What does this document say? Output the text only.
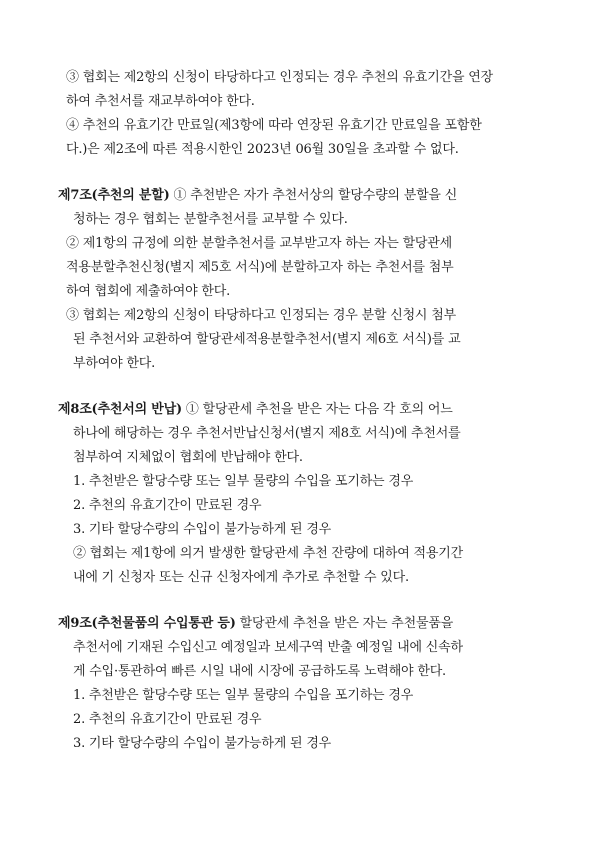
③ 협회는 제2항의 신청이 타당하다고 인정되는 경우 추천의 유효기간을 연장
하여 추천서를 재교부하여야 한다.
④ 추천의 유효기간 만료일(제3항에 따라 연장된 유효기간 만료일을 포함한
다.)은 제2조에 따른 적용시한인 2023년 06월 30일을 초과할 수 없다.
제7조(추천의 분할) ① 추천받은 자가 추천서상의 할당수량의 분할을 신
청하는 경우 협회는 분할추천서를 교부할 수 있다.
② 제1항의 규정에 의한 분할추천서를 교부받고자 하는 자는 할당관세
적용분할추천신청(별지 제5호 서식)에 분할하고자 하는 추천서를 첨부
하여 협회에 제출하여야 한다.
③ 협회는 제2항의 신청이 타당하다고 인정되는 경우 분할 신청시 첨부
된 추천서와 교환하여 할당관세적용분할추천서(별지 제6호 서식)를 교
부하여야 한다.
제8조(추천서의 반납) ① 할당관세 추천을 받은 자는 다음 각 호의 어느
하나에 해당하는 경우 추천서반납신청서(별지 제8호 서식)에 추천서를
첨부하여 지체없이 협회에 반납해야 한다.
1. 추천받은 할당수량 또는 일부 물량의 수입을 포기하는 경우
2. 추천의 유효기간이 만료된 경우
3. 기타 할당수량의 수입이 불가능하게 된 경우
② 협회는 제1항에 의거 발생한 할당관세 추천 잔량에 대하여 적용기간
내에 기 신청자 또는 신규 신청자에게 추가로 추천할 수 있다.
제9조(추천물품의 수입통관 등) 할당관세 추천을 받은 자는 추천물품을
추천서에 기재된 수입신고 예정일과 보세구역 반출 예정일 내에 신속하
게 수입·통관하여 빠른 시일 내에 시장에 공급하도록 노력해야 한다.
1. 추천받은 할당수량 또는 일부 물량의 수입을 포기하는 경우
2. 추천의 유효기간이 만료된 경우
3. 기타 할당수량의 수입이 불가능하게 된 경우
